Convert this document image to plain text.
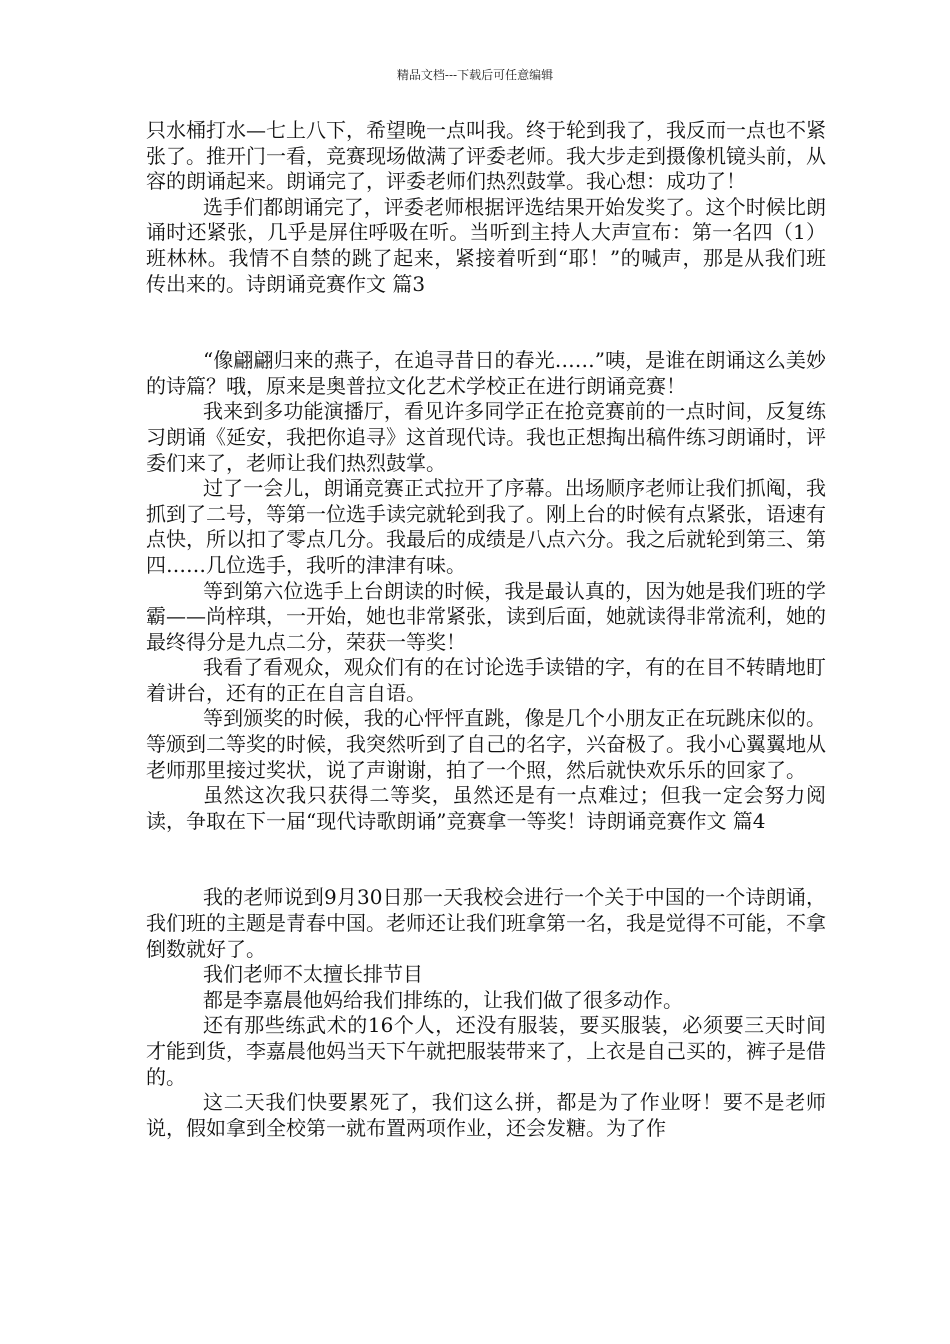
精品文档---下载后可任意编辑

只水桶打水—七上八下，希望晚一点叫我。终于轮到我了，我反而一点也不紧张了。推开门一看，竞赛现场做满了评委老师。我大步走到摄像机镜头前，从容的朗诵起来。朗诵完了，评委老师们热烈鼓掌。我心想：成功了！

选手们都朗诵完了，评委老师根据评选结果开始发奖了。这个时候比朗诵时还紧张，几乎是屏住呼吸在听。当听到主持人大声宣布：第一名四（1）班林林。我情不自禁的跳了起来，紧接着听到“耶！”的喊声，那是从我们班传出来的。诗朗诵竞赛作文 篇3

“像翩翩归来的燕子，在追寻昔日的春光……”咦，是谁在朗诵这么美妙的诗篇？哦，原来是奥普拉文化艺术学校正在进行朗诵竞赛！

我来到多功能演播厅，看见许多同学正在抢竞赛前的一点时间，反复练习朗诵《延安，我把你追寻》这首现代诗。我也正想掏出稿件练习朗诵时，评委们来了，老师让我们热烈鼓掌。

过了一会儿，朗诵竞赛正式拉开了序幕。出场顺序老师让我们抓阄，我抓到了二号，等第一位选手读完就轮到我了。刚上台的时候有点紧张，语速有点快，所以扣了零点几分。我最后的成绩是八点六分。我之后就轮到第三、第四……几位选手，我听的津津有味。

等到第六位选手上台朗读的时候，我是最认真的，因为她是我们班的学霸——尚梓琪，一开始，她也非常紧张，读到后面，她就读得非常流利，她的最终得分是九点二分，荣获一等奖！

我看了看观众，观众们有的在讨论选手读错的字，有的在目不转睛地盯着讲台，还有的正在自言自语。

等到颁奖的时候，我的心怦怦直跳，像是几个小朋友正在玩跳床似的。等颁到二等奖的时候，我突然听到了自己的名字，兴奋极了。我小心翼翼地从老师那里接过奖状，说了声谢谢，拍了一个照，然后就快欢乐乐的回家了。

虽然这次我只获得二等奖，虽然还是有一点难过；但我一定会努力阅读，争取在下一届“现代诗歌朗诵”竞赛拿一等奖！诗朗诵竞赛作文 篇4

我的老师说到9月30日那一天我校会进行一个关于中国的一个诗朗诵，我们班的主题是青春中国。老师还让我们班拿第一名，我是觉得不可能，不拿倒数就好了。

我们老师不太擅长排节目

都是李嘉晨他妈给我们排练的，让我们做了很多动作。

还有那些练武术的16个人，还没有服装，要买服装，必须要三天时间才能到货，李嘉晨他妈当天下午就把服装带来了，上衣是自己买的，裤子是借的。

这二天我们快要累死了，我们这么拼，都是为了作业呀！要不是老师说，假如拿到全校第一就布置两项作业，还会发糖。为了作
